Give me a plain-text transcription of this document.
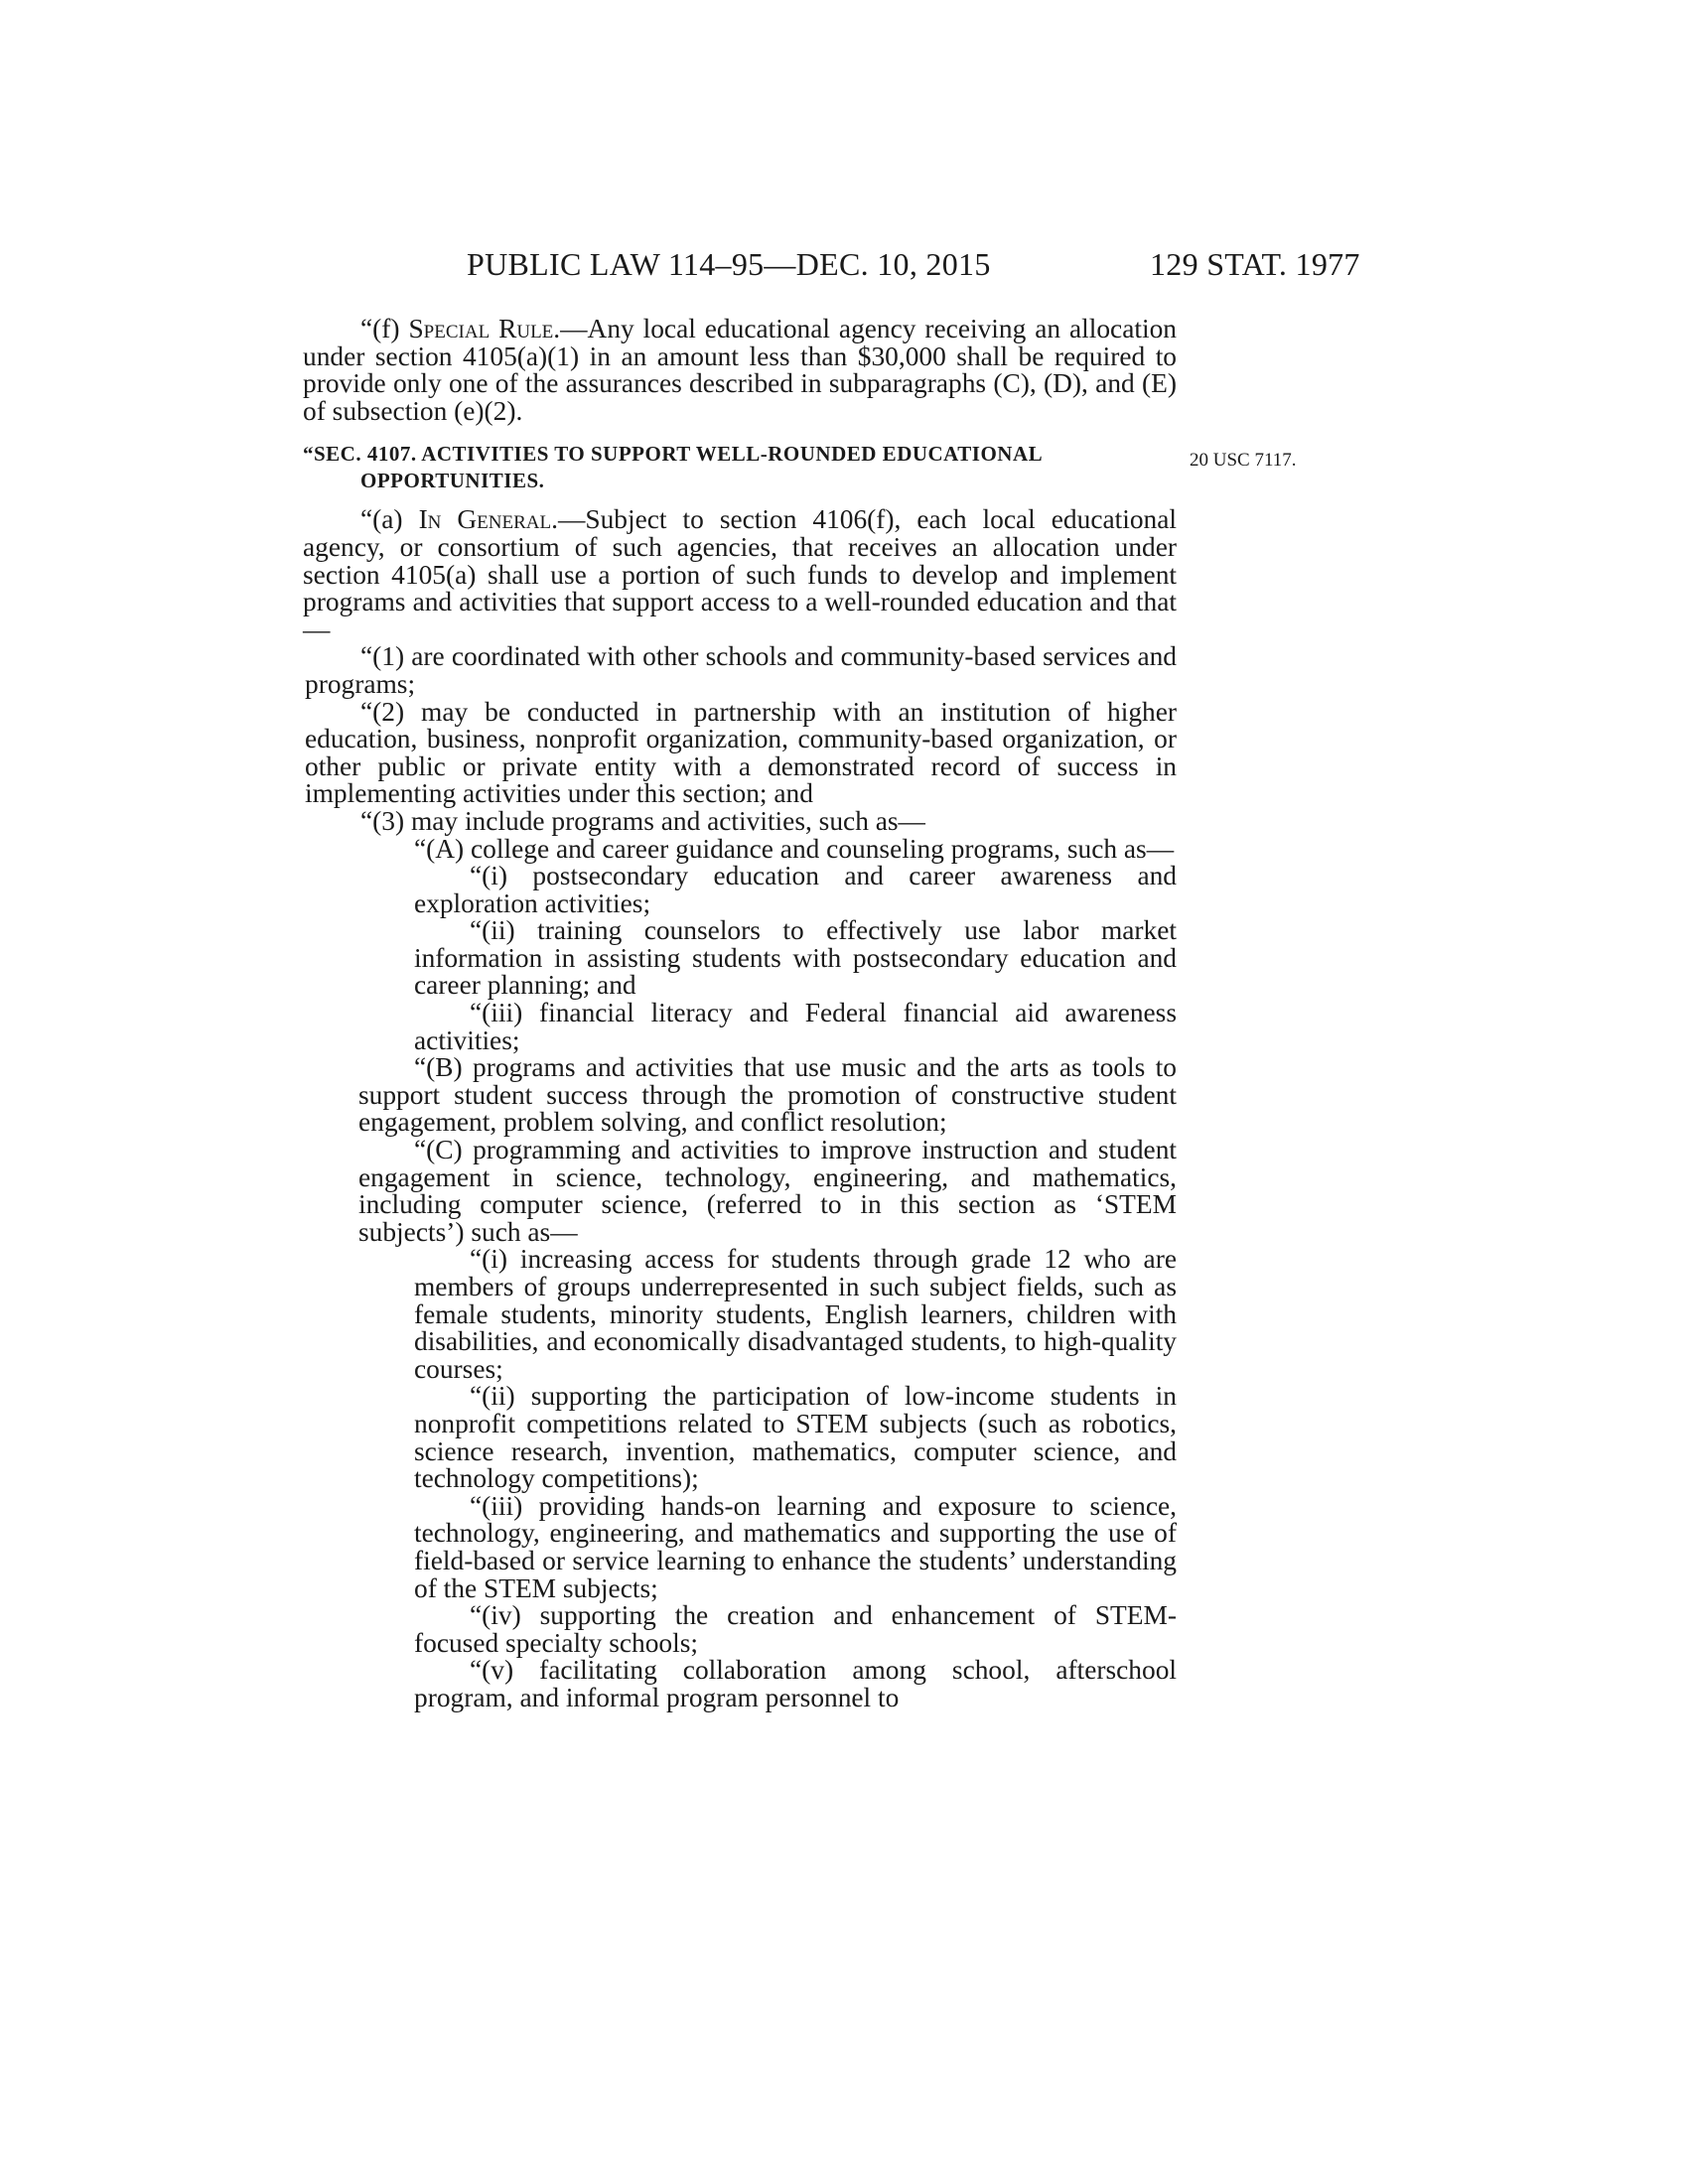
PUBLIC LAW 114–95—DEC. 10, 2015	129 STAT. 1977
20 USC 7117.

“(f) Special Rule.—Any local educational agency receiving an allocation under section 4105(a)(1) in an amount less than $30,000 shall be required to provide only one of the assurances described in subparagraphs (C), (D), and (E) of subsection (e)(2).

“SEC. 4107. ACTIVITIES TO SUPPORT WELL-ROUNDED EDUCATIONAL
OPPORTUNITIES.

“(a) In General.—Subject to section 4106(f), each local educational agency, or consortium of such agencies, that receives an allocation under section 4105(a) shall use a portion of such funds to develop and implement programs and activities that support access to a well-rounded education and that—

“(1) are coordinated with other schools and community-based services and programs;

“(2) may be conducted in partnership with an institution of higher education, business, nonprofit organization, community-based organization, or other public or private entity with a demonstrated record of success in implementing activities under this section; and

“(3) may include programs and activities, such as—

“(A) college and career guidance and counseling programs, such as—

“(i) postsecondary education and career awareness and exploration activities;

“(ii) training counselors to effectively use labor market information in assisting students with postsecondary education and career planning; and

“(iii) financial literacy and Federal financial aid awareness activities;

“(B) programs and activities that use music and the arts as tools to support student success through the promotion of constructive student engagement, problem solving, and conflict resolution;

“(C) programming and activities to improve instruction and student engagement in science, technology, engineering, and mathematics, including computer science, (referred to in this section as ‘STEM subjects’) such as—

“(i) increasing access for students through grade 12 who are members of groups underrepresented in such subject fields, such as female students, minority students, English learners, children with disabilities, and economically disadvantaged students, to high-quality courses;

“(ii) supporting the participation of low-income students in nonprofit competitions related to STEM subjects (such as robotics, science research, invention, mathematics, computer science, and technology competitions);

“(iii) providing hands-on learning and exposure to science, technology, engineering, and mathematics and supporting the use of field-based or service learning to enhance the students’ understanding of the STEM subjects;

“(iv) supporting the creation and enhancement of STEM-focused specialty schools;

“(v) facilitating collaboration among school, afterschool program, and informal program personnel to
